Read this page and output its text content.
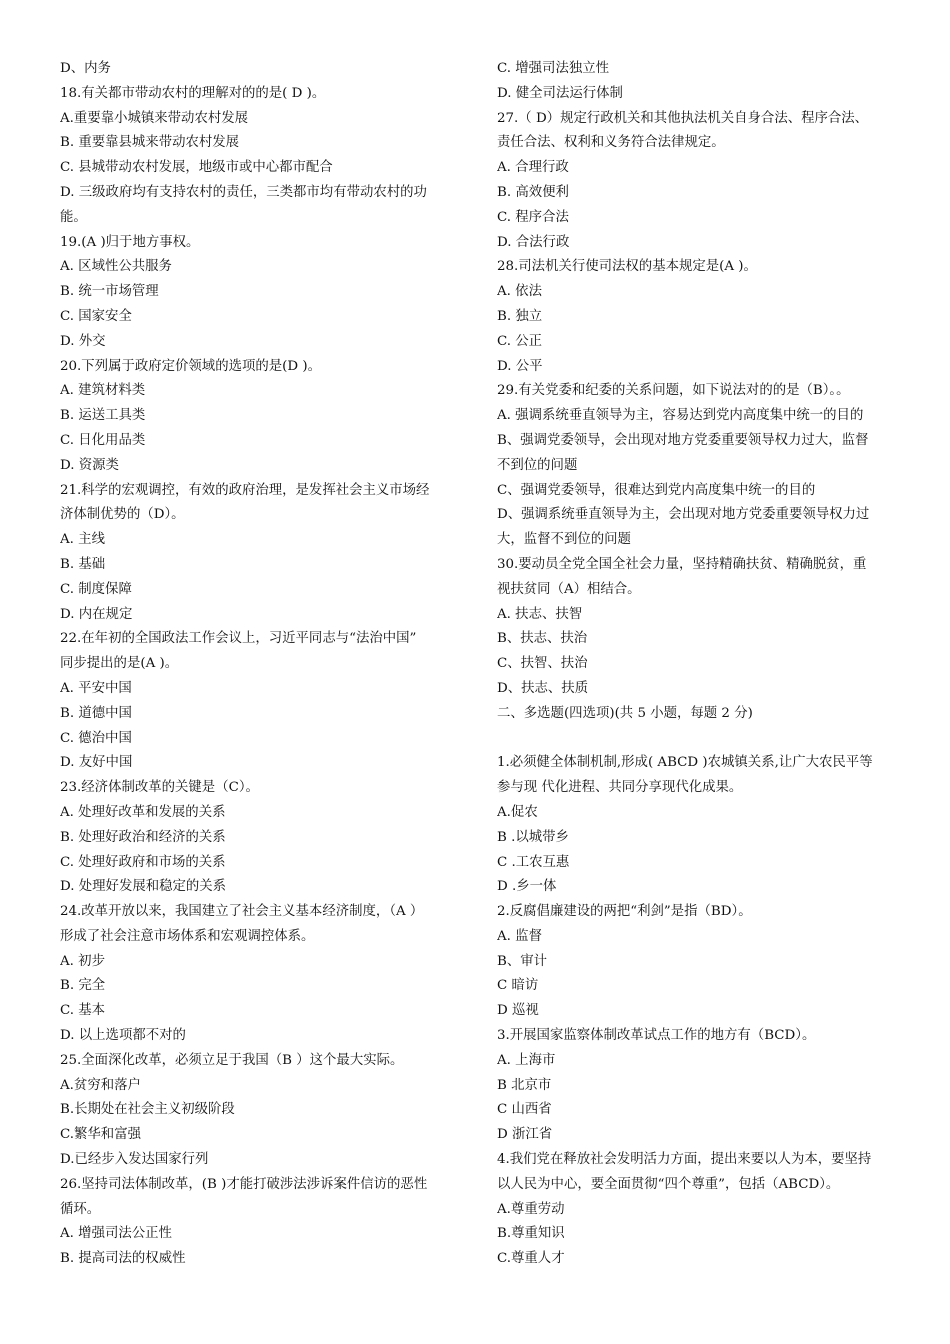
D、内务
18.有关都市带动农村的理解对的的是( D )。
A.重要靠小城镇来带动农村发展
B. 重要靠县城来带动农村发展
C. 县城带动农村发展，地级市或中心都市配合
D. 三级政府均有支持农村的责任，三类都市均有带动农村的功
能。
19.(A )归于地方事权。
A. 区域性公共服务
B. 统一市场管理
C. 国家安全
D. 外交
20.下列属于政府定价领域的选项的是(D )。
A. 建筑材料类
B. 运送工具类
C. 日化用品类
D. 资源类
21.科学的宏观调控，有效的政府治理，是发挥社会主义市场经
济体制优势的（D）。
A. 主线
B. 基础
C. 制度保障
D. 内在规定
22.在年初的全国政法工作会议上，习近平同志与“法治中国”
同步提出的是(A )。
A. 平安中国
B. 道德中国
C. 德治中国
D. 友好中国
23.经济体制改革的关键是（C）。
A. 处理好改革和发展的关系
B. 处理好政治和经济的关系
C. 处理好政府和市场的关系
D. 处理好发展和稳定的关系
24.改革开放以来，我国建立了社会主义基本经济制度，（A ）
形成了社会注意市场体系和宏观调控体系。
A. 初步
B. 完全
C. 基本
D. 以上选项都不对的
25.全面深化改革，必须立足于我国（B ）这个最大实际。
A.贫穷和落户
B.长期处在社会主义初级阶段
C.繁华和富强
D.已经步入发达国家行列
26.坚持司法体制改革，(B )才能打破涉法涉诉案件信访的恶性
循环。
A. 增强司法公正性
B. 提高司法的权威性
C. 增强司法独立性
D. 健全司法运行体制
27.（ D）规定行政机关和其他执法机关自身合法、程序合法、
责任合法、权利和义务符合法律规定。
A. 合理行政
B. 高效便利
C. 程序合法
D. 合法行政
28.司法机关行使司法权的基本规定是(A )。
A. 依法
B. 独立
C. 公正
D. 公平
29.有关党委和纪委的关系问题，如下说法对的的是（B）。。
A. 强调系统垂直领导为主，容易达到党内高度集中统一的目的
B、强调党委领导，会出现对地方党委重要领导权力过大，监督
不到位的问题
C、强调党委领导，很难达到党内高度集中统一的目的
D、强调系统垂直领导为主，会出现对地方党委重要领导权力过
大，监督不到位的问题
30.要动员全党全国全社会力量，坚持精确扶贫、精确脱贫，重
视扶贫同（A）相结合。
A. 扶志、扶智
B、扶志、扶治
C、扶智、扶治
D、扶志、扶质
二、多选题(四选项)(共 5 小题，每题 2 分)
1.必须健全体制机制,形成( ABCD )农城镇关系,让广大农民平等
参与现 代化进程、共同分享现代化成果。
A.促农
B .以城带乡
C .工农互惠
D .乡一体
2.反腐倡廉建设的两把“利剑”是指（BD）。
A. 监督
B、审计
C 暗访
D 巡视
3.开展国家监察体制改革试点工作的地方有（BCD）。
A. 上海市
B 北京市
C 山西省
D 浙江省
4.我们党在释放社会发明活力方面，提出来要以人为本，要坚持
以人民为中心，要全面贯彻“四个尊重”，包括（ABCD）。
A.尊重劳动
B.尊重知识
C.尊重人才
